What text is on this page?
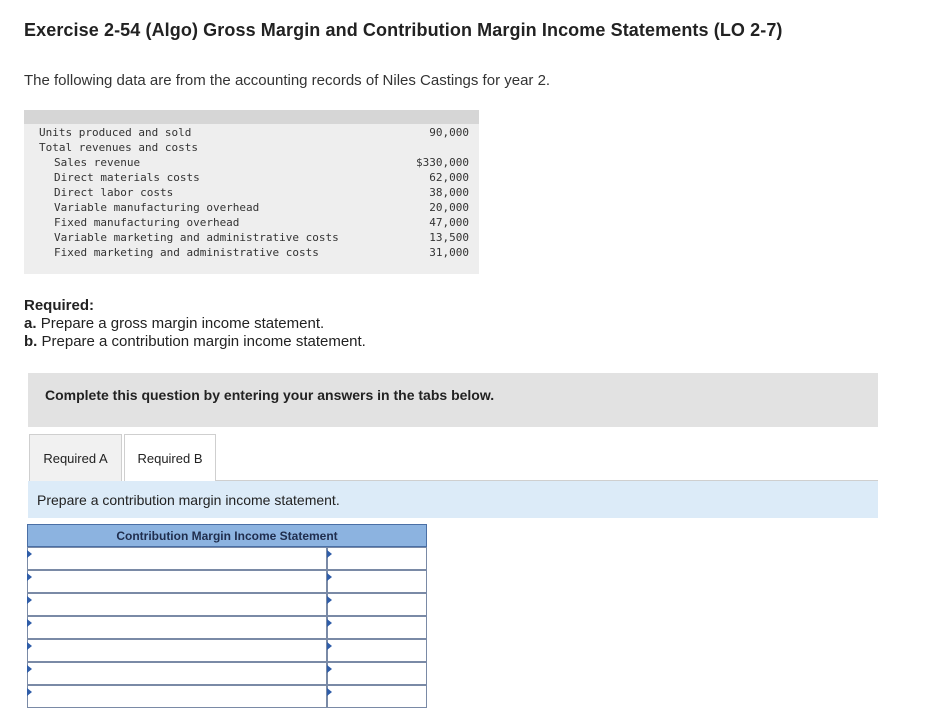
Exercise 2-54 (Algo) Gross Margin and Contribution Margin Income Statements (LO 2-7)
The following data are from the accounting records of Niles Castings for year 2.
Units produced and sold	90,000
Total revenues and costs
Sales revenue	$330,000
Direct materials costs	62,000
Direct labor costs	38,000
Variable manufacturing overhead	20,000
Fixed manufacturing overhead	47,000
Variable marketing and administrative costs	13,500
Fixed marketing and administrative costs	31,000
Required:
a. Prepare a gross margin income statement.
b. Prepare a contribution margin income statement.
Complete this question by entering your answers in the tabs below.
Required A	Required B
Prepare a contribution margin income statement.
Contribution Margin Income Statement
